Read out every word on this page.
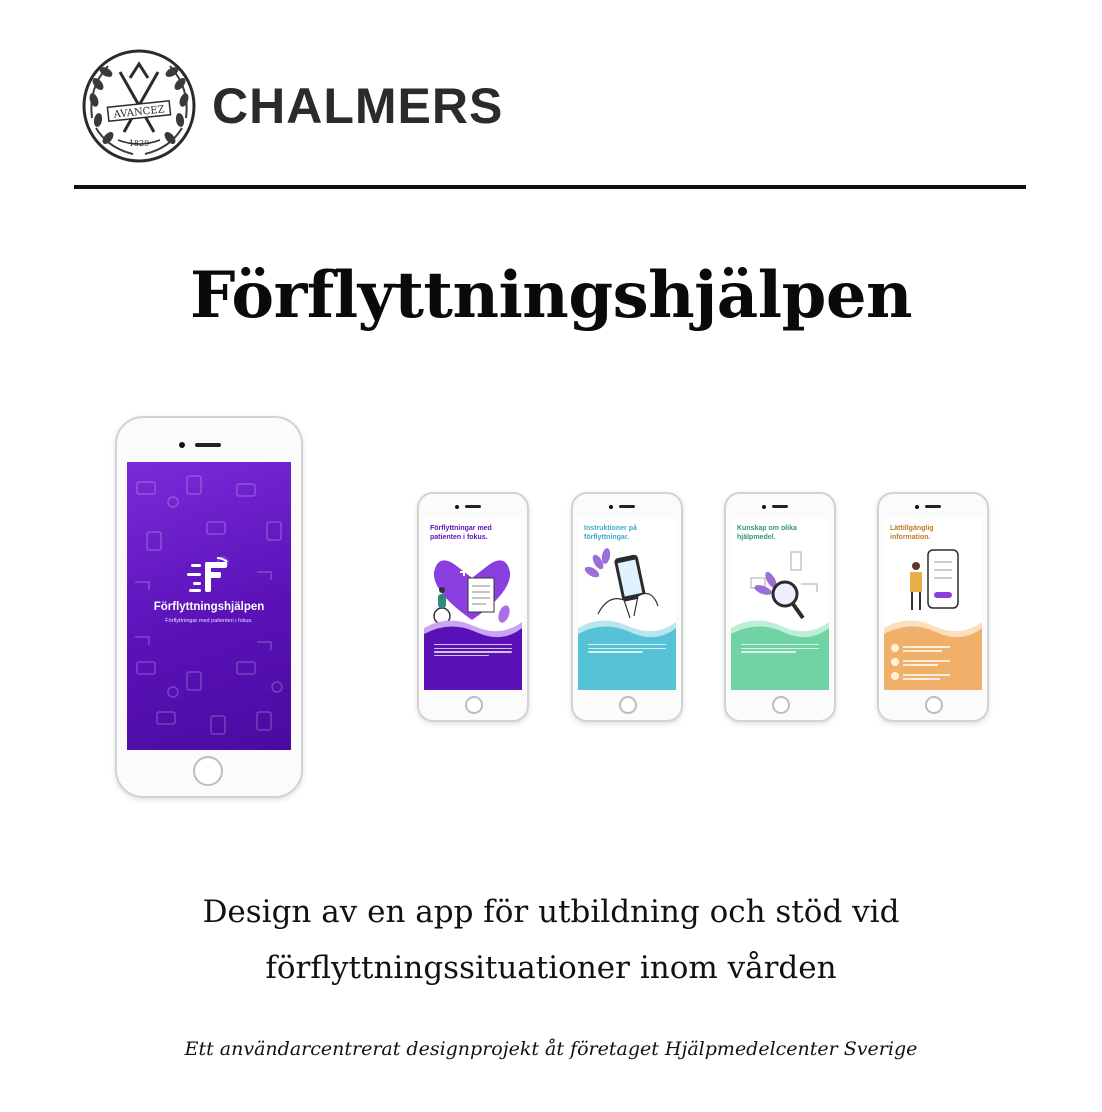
AVANCEZ
1829
CHALMERS
Förflyttningshjälpen
Förflyttningshjälpen
Förflyttningar med patienten i fokus.
Förflyttningar med patienten i fokus.
Instruktioner på förflyttningar.
Kunskap om olika hjälpmedel.
Lättillgänglig information.
Design av en app för utbildning och stöd vid
förflyttningssituationer inom vården
Ett användarcentrerat designprojekt åt företaget Hjälpmedelcenter Sverige
